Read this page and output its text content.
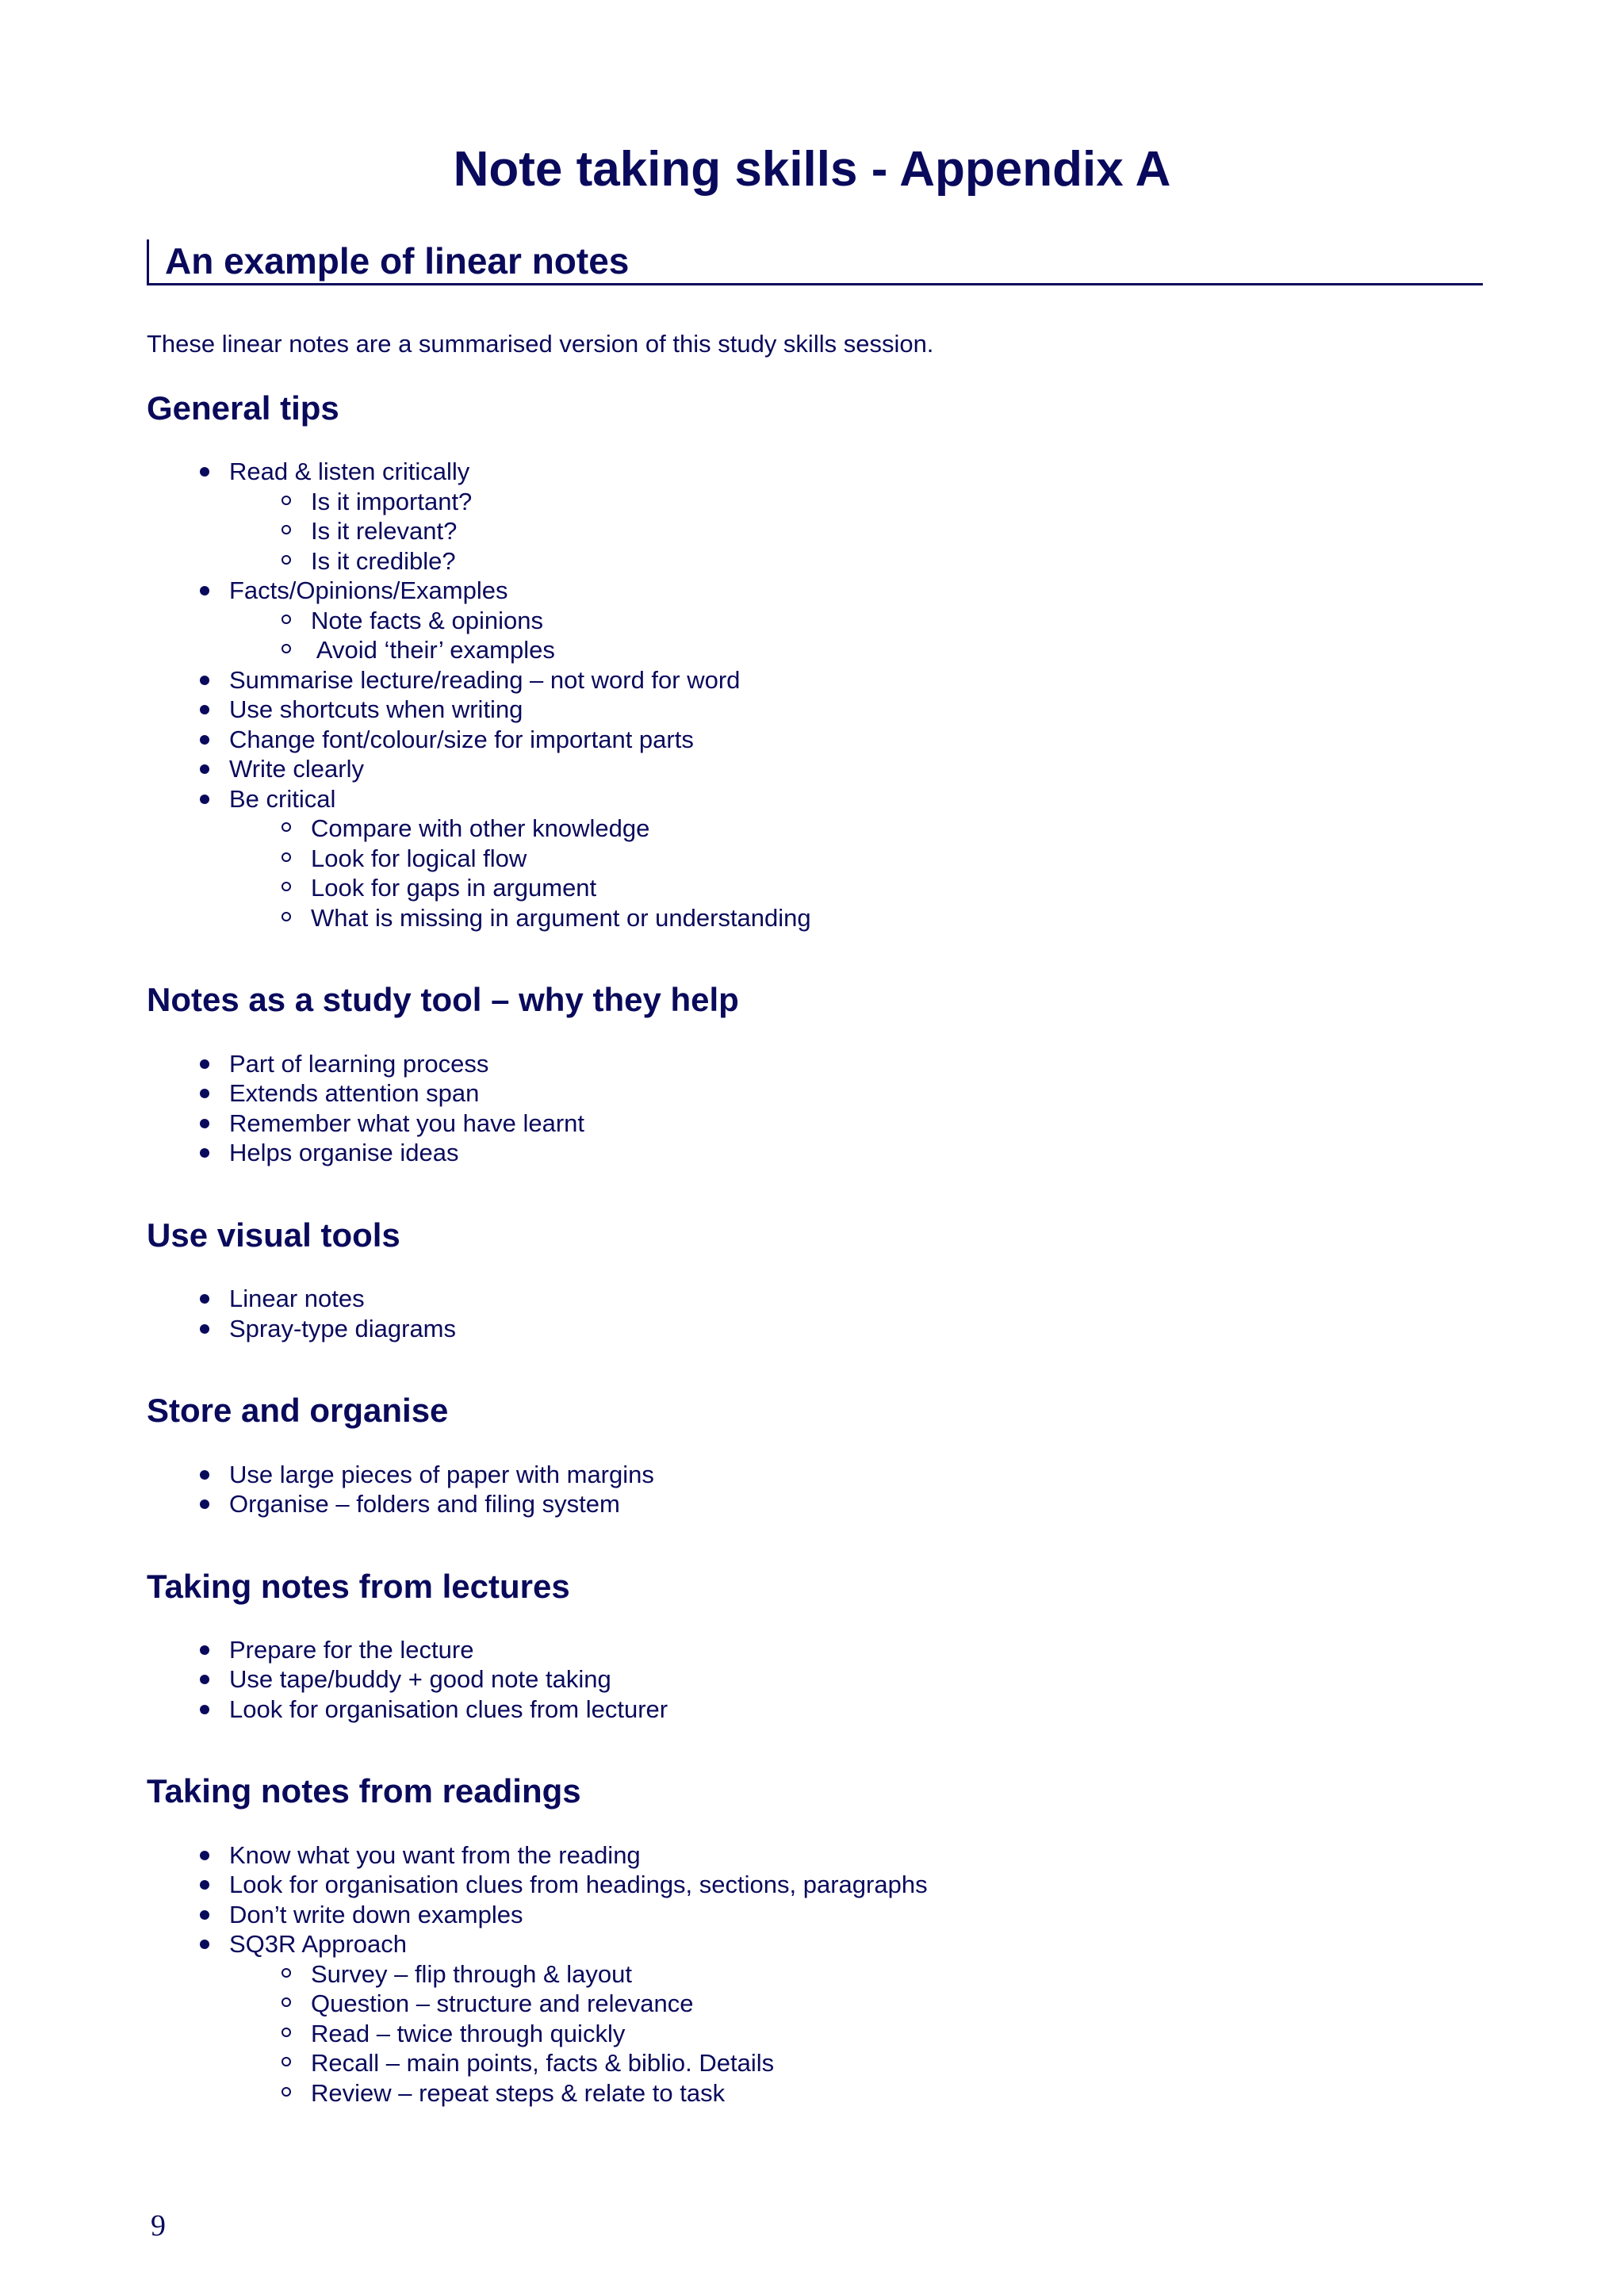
Note taking skills - Appendix A
An example of linear notes

These linear notes are a summarised version of this study skills session.

General tips
Read & listen critically
Is it important?
Is it relevant?
Is it credible?
Facts/Opinions/Examples
Note facts & opinions
Avoid ‘their’ examples
Summarise lecture/reading – not word for word
Use shortcuts when writing
Change font/colour/size for important parts
Write clearly
Be critical
Compare with other knowledge
Look for logical flow
Look for gaps in argument
What is missing in argument or understanding
Notes as a study tool – why they help
Part of learning process
Extends attention span
Remember what you have learnt
Helps organise ideas
Use visual tools
Linear notes
Spray-type diagrams
Store and organise
Use large pieces of paper with margins
Organise – folders and filing system
Taking notes from lectures
Prepare for the lecture
Use tape/buddy + good note taking
Look for organisation clues from lecturer
Taking notes from readings
Know what you want from the reading
Look for organisation clues from headings, sections, paragraphs
Don’t write down examples
SQ3R Approach
Survey – flip through & layout
Question – structure and relevance
Read – twice through quickly
Recall – main points, facts & biblio. Details
Review – repeat steps & relate to task

9
